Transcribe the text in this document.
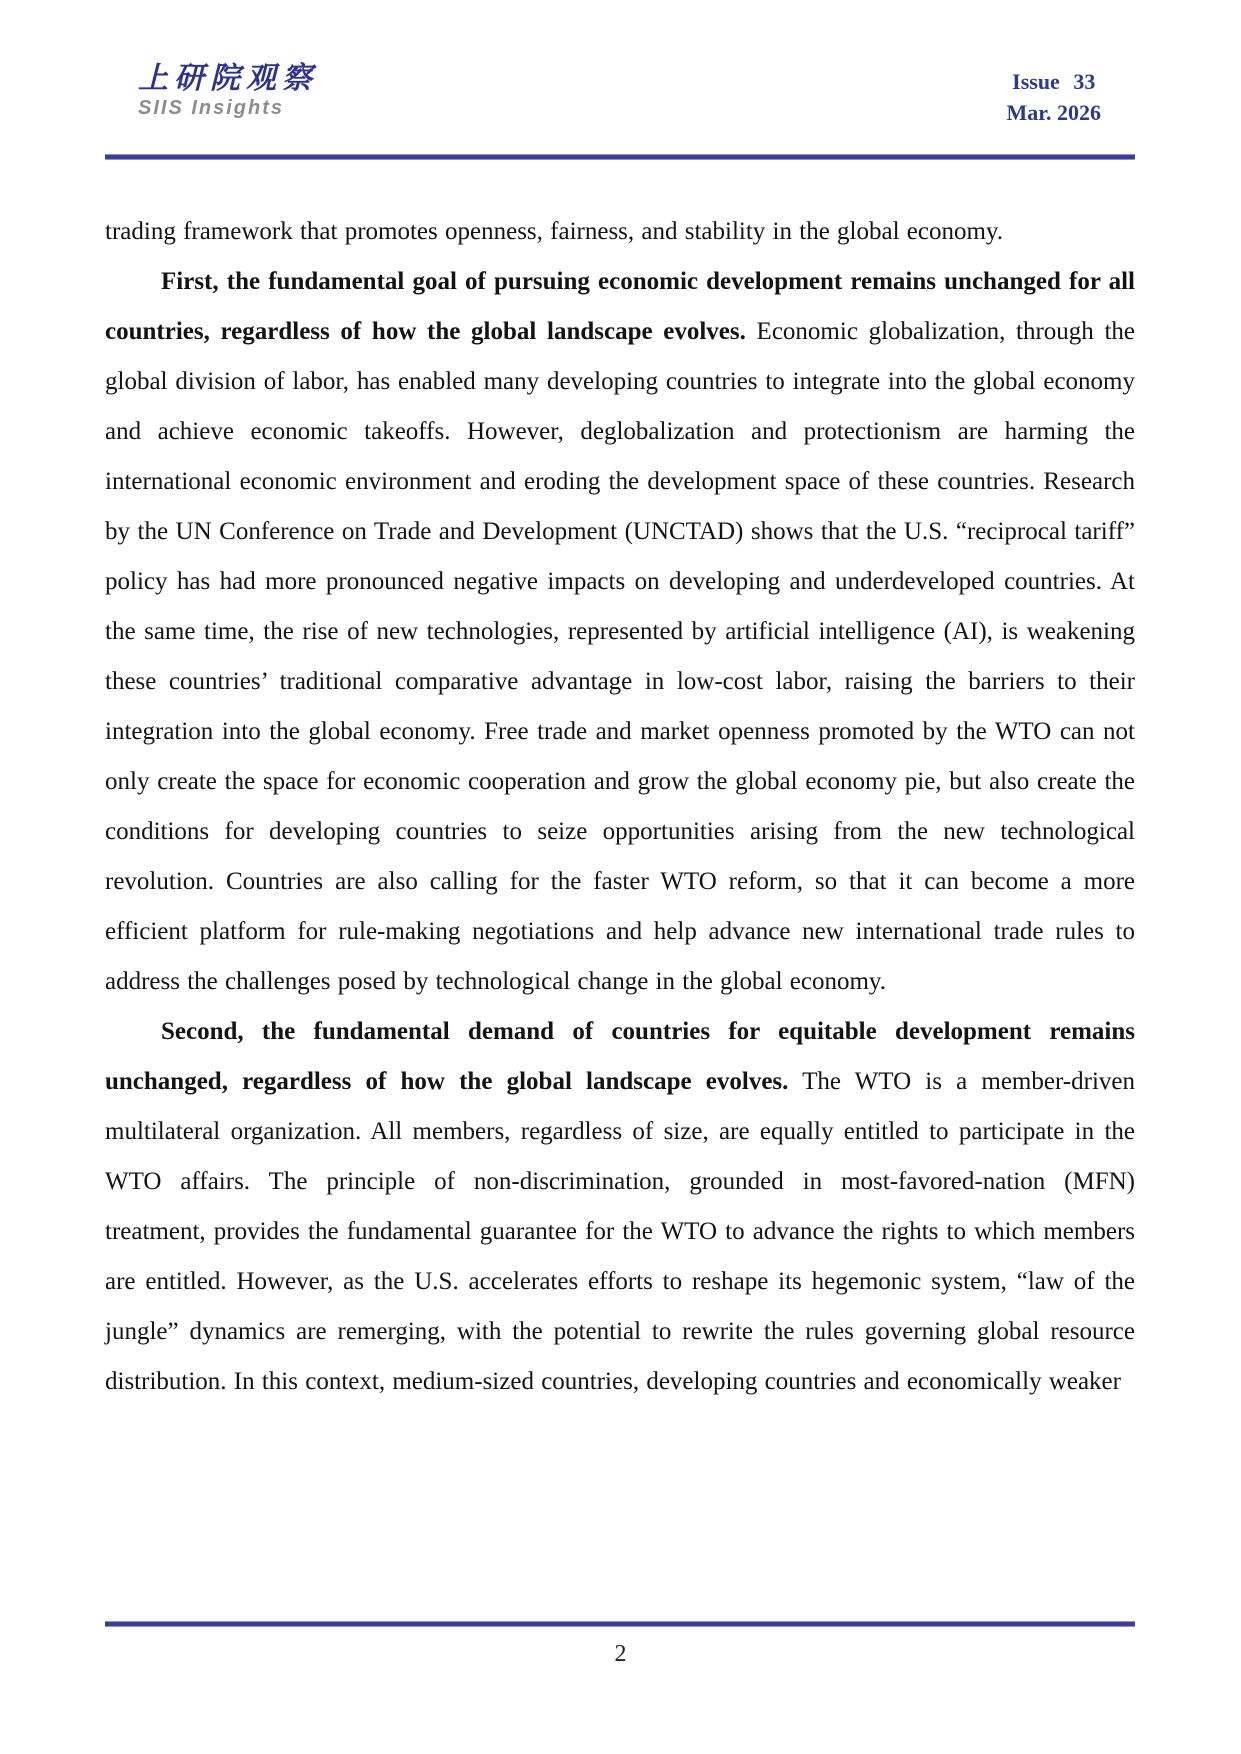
上研院观察
SIIS Insights
Issue 33
Mar. 2026

trading framework that promotes openness, fairness, and stability in the global economy.

First, the fundamental goal of pursuing economic development remains unchanged for all countries, regardless of how the global landscape evolves. Economic globalization, through the global division of labor, has enabled many developing countries to integrate into the global economy and achieve economic takeoffs. However, deglobalization and protectionism are harming the international economic environment and eroding the development space of these countries. Research by the UN Conference on Trade and Development (UNCTAD) shows that the U.S. “reciprocal tariff” policy has had more pronounced negative impacts on developing and underdeveloped countries. At the same time, the rise of new technologies, represented by artificial intelligence (AI), is weakening these countries’ traditional comparative advantage in low-cost labor, raising the barriers to their integration into the global economy. Free trade and market openness promoted by the WTO can not only create the space for economic cooperation and grow the global economy pie, but also create the conditions for developing countries to seize opportunities arising from the new technological revolution. Countries are also calling for the faster WTO reform, so that it can become a more efficient platform for rule-making negotiations and help advance new international trade rules to address the challenges posed by technological change in the global economy.

Second, the fundamental demand of countries for equitable development remains unchanged, regardless of how the global landscape evolves. The WTO is a member-driven multilateral organization. All members, regardless of size, are equally entitled to participate in the WTO affairs. The principle of non-discrimination, grounded in most-favored-nation (MFN) treatment, provides the fundamental guarantee for the WTO to advance the rights to which members are entitled. However, as the U.S. accelerates efforts to reshape its hegemonic system, “law of the jungle” dynamics are remerging, with the potential to rewrite the rules governing global resource distribution. In this context, medium-sized countries, developing countries and economically weaker

2
